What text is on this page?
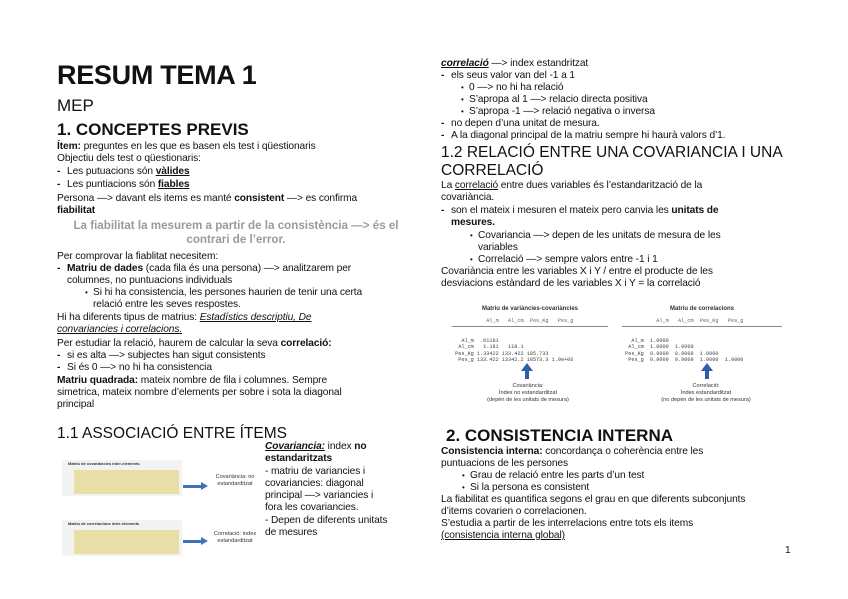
RESUM TEMA 1
MEP
1. CONCEPTES PREVIS
Ítem: preguntes en les que es basen els test i qüestionaris
Objectiu dels test o qüestionaris:
- Les putuacions són vàlides
- Les puntiacions són fiables
Persona —> davant els items es manté consistent —> es confirma
fiabilitat
La fiabilitat la mesurem a partir de la consistència —> és el contrari de l’error.
Per comprovar la fiablitat necesitem:
- Matriu de dades (cada fila és una persona) —> analitzarem per
columnes, no puntuacions individuals
• Si hi ha consistencia, les persones haurien de tenir una certa
relació entre les seves respostes.
Hi ha diferents tipus de matrius: Estadístics descriptiu, De
convariancies i correlacions.
Per estudiar la relació, haurem de calcular la seva correlació:
- si es alta —> subjectes han sigut consistents
- Si és 0 —> no hi ha consistencia
Matriu quadrada: mateix nombre de fila i columnes. Sempre
simetrica, mateix nombre d’elements per sobre i sota la diagonal
principal
1.1 ASSOCIACIÓ ENTRE ÍTEMS
Matriu de covariàncies inter-elements
Covariància: no estandarditzat
Matriu de correlacions inter-elements
Correlació: índex estandarditzat
Covariancia: index no
estandaritzats
- matriu de variancies i
covariancies: diagonal
principal —> variancies i
fora les covariancies.
- Depen de diferents unitats
de mesures
correlació —> index estandritzat
- els seus valor van del -1 a 1
• 0 —> no hi ha relació
• S’apropa al 1 —> relacio directa positiva
• S’apropa -1 —> relació negativa o inversa
- no depen d’una unitat de mesura.
- A la diagonal principal de la matriu sempre hi haurà valors d’1.
1.2 RELACIÓ ENTRE UNA COVARIANCIA I UNA
CORRELACIÓ
La correlació entre dues variables és l’estandarització de la
covariància.
- son el mateix i mesuren el mateix pero canvia les unitats de
mesures.
• Covariancia —> depen de les unitats de mesura de les
variables
• Correlació —> sempre valors entre -1 i 1
Covariància entre les variables X i Y / entre el producte de les
desviacions estàndard de les variables X i Y = la correlació
Matriu de variàncies-covariàncies
Al_m   Al_cm  Pes_Kg   Pes_g
Al_m  .01181
Al_cm   1.181   118.1
Pes_Kg 1.33422 133.422 185.733
Pes_g 133.422 13342.2 18573.3 1.9e+06
Matriu de correlacions
Al_m   Al_cm  Pes_Kg   Pes_g
Al_m  1.0000
Al_cm  1.0000  1.0000
Pes_Kg  0.9009  0.9009  1.0000
Pes_g  0.9009  0.9009  1.0000  1.0000
Covariància:
Índex no estandarditzat
(depèn de les unitats de mesura)
Correlació:
Índex estandarditzat
(no depèn de les unitats de mesura)
2. CONSISTENCIA INTERNA
Consistencia interna: concordança o coherència entre les
puntuacions de les persones
• Grau de relació entre les parts d’un test
• Si la persona es consistent
La fiabilitat es quantifica segons el grau en que diferents subconjunts
d’items covarien o correlacionen.
S’estudia a partir de les interrelacions entre tots els items
(consistencia interna global)
1
